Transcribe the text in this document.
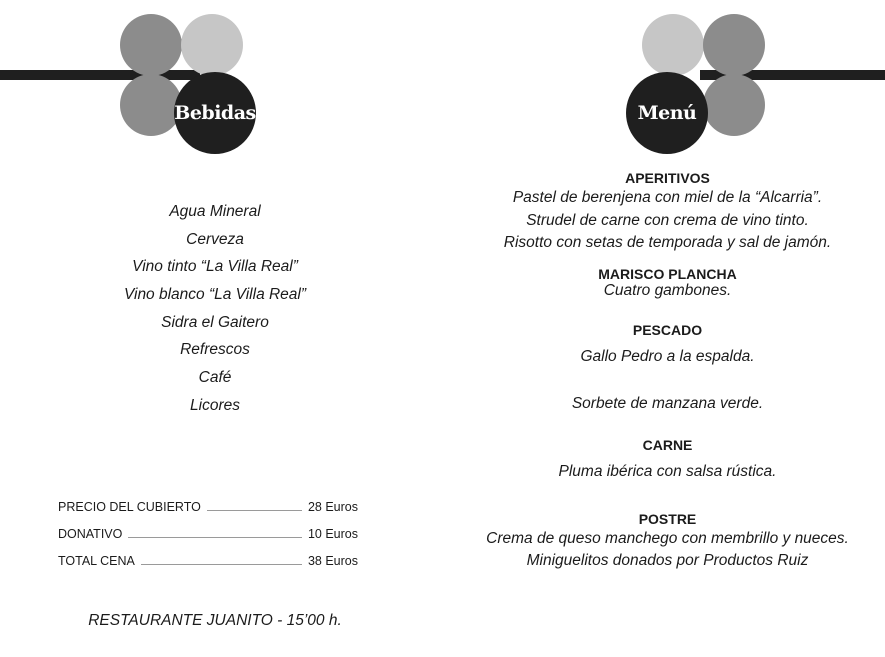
Bebidas	Menú
Agua Mineral
Cerveza
Vino tinto “La Villa Real”
Vino blanco “La Villa Real”
Sidra el Gaitero
Refrescos
Café
Licores
PRECIO DEL CUBIERTO	28 Euros
DONATIVO	10 Euros
TOTAL CENA	38 Euros
RESTAURANTE JUANITO - 15’00 h.
APERITIVOS
Pastel de berenjena con miel de la “Alcarria”.
Strudel de carne con crema de vino tinto.
Risotto con setas de temporada y sal de jamón.
MARISCO PLANCHA
Cuatro gambones.
PESCADO
Gallo Pedro a la espalda.
Sorbete de manzana verde.
CARNE
Pluma ibérica con salsa rústica.
POSTRE
Crema de queso manchego con membrillo y nueces.
Miniguelitos donados por Productos Ruiz
